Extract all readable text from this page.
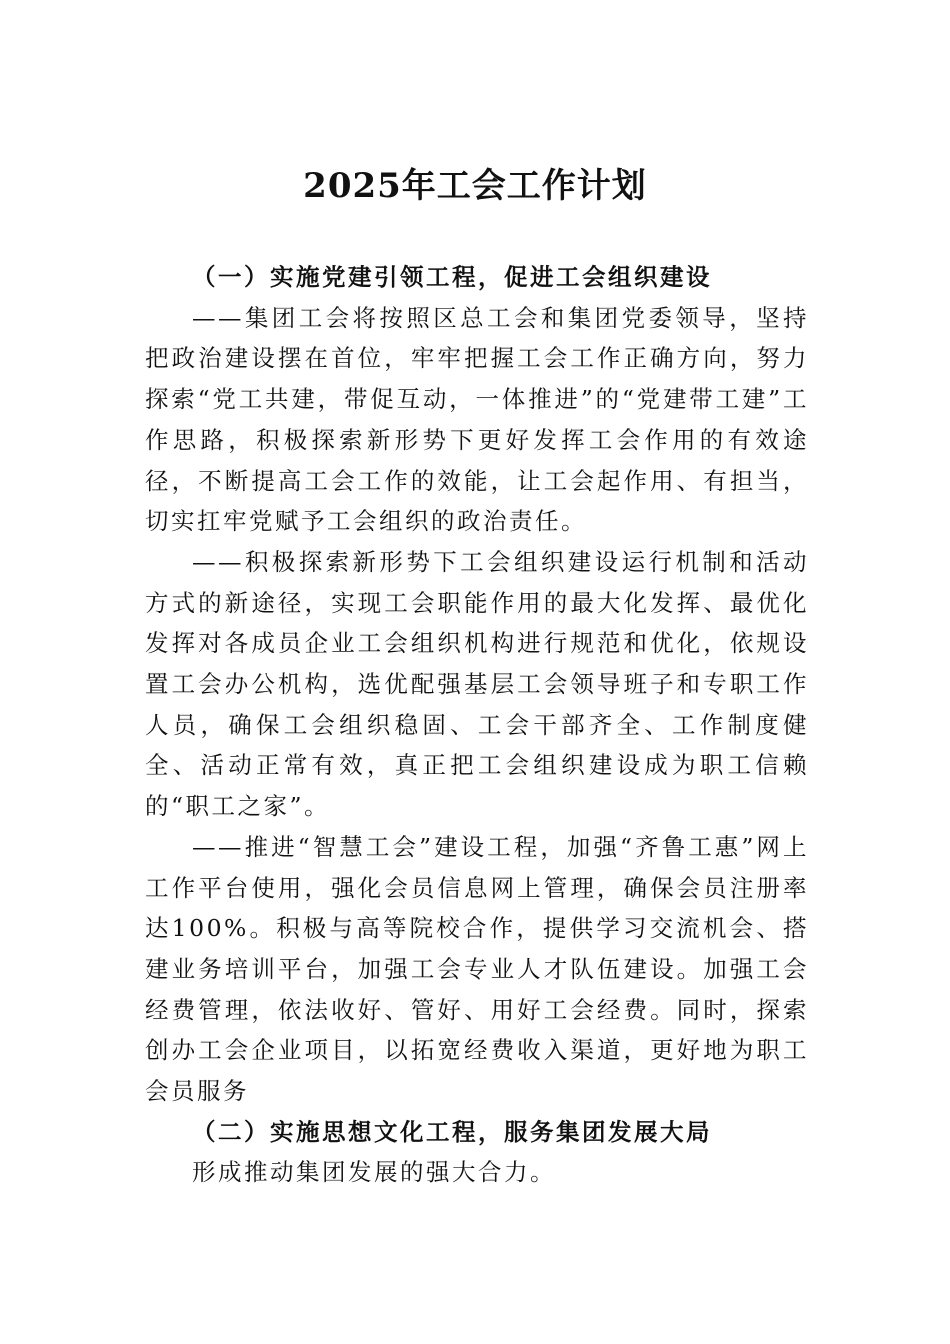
2025年工会工作计划

（一）实施党建引领工程，促进工会组织建设

——集团工会将按照区总工会和集团党委领导，坚持把政治建设摆在首位，牢牢把握工会工作正确方向，努力探索“党工共建，带促互动，一体推进”的“党建带工建”工作思路，积极探索新形势下更好发挥工会作用的有效途径，不断提高工会工作的效能，让工会起作用、有担当，切实扛牢党赋予工会组织的政治责任。

——积极探索新形势下工会组织建设运行机制和活动方式的新途径，实现工会职能作用的最大化发挥、最优化发挥对各成员企业工会组织机构进行规范和优化，依规设置工会办公机构，选优配强基层工会领导班子和专职工作人员，确保工会组织稳固、工会干部齐全、工作制度健全、活动正常有效，真正把工会组织建设成为职工信赖的“职工之家”。

——推进“智慧工会”建设工程，加强“齐鲁工惠”网上工作平台使用，强化会员信息网上管理，确保会员注册率达100%。积极与高等院校合作，提供学习交流机会、搭建业务培训平台，加强工会专业人才队伍建设。加强工会经费管理，依法收好、管好、用好工会经费。同时，探索创办工会企业项目，以拓宽经费收入渠道，更好地为职工会员服务

（二）实施思想文化工程，服务集团发展大局

形成推动集团发展的强大合力。
